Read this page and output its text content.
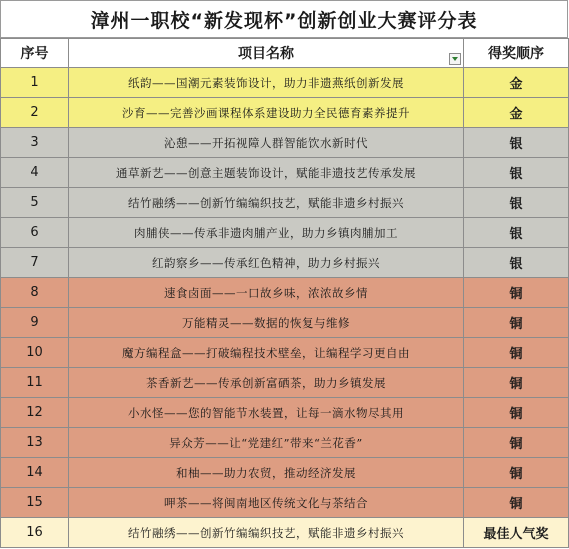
漳州一职校“新发现杯”创新创业大赛评分表
序号	项目名称	得奖顺序
1	纸韵——国潮元素装饰设计，助力非遗燕纸创新发展	金
2	沙育——完善沙画课程体系建设助力全民德育素养提升	金
3	沁憩——开拓视障人群智能饮水新时代	银
4	通草新艺——创意主题装饰设计，赋能非遗技艺传承发展	银
5	结竹融绣——创新竹编编织技艺，赋能非遗乡村振兴	银
6	肉脯侠——传承非遗肉脯产业，助力乡镇肉脯加工	银
7	红韵察乡——传承红色精神，助力乡村振兴	银
8	速食卤面——一口故乡味，浓浓故乡情	铜
9	万能精灵——数据的恢复与维修	铜
10	魔方编程盒——打破编程技术壁垒，让编程学习更自由	铜
11	茶香新艺——传承创新富硒茶，助力乡镇发展	铜
12	小水怪——您的智能节水装置，让每一滴水物尽其用	铜
13	异众芳——让“党建红”带来“兰花香”	铜
14	和柚——助力农贸，推动经济发展	铜
15	呷茶——将闽南地区传统文化与茶结合	铜
16	结竹融绣——创新竹编编织技艺，赋能非遗乡村振兴	最佳人气奖
